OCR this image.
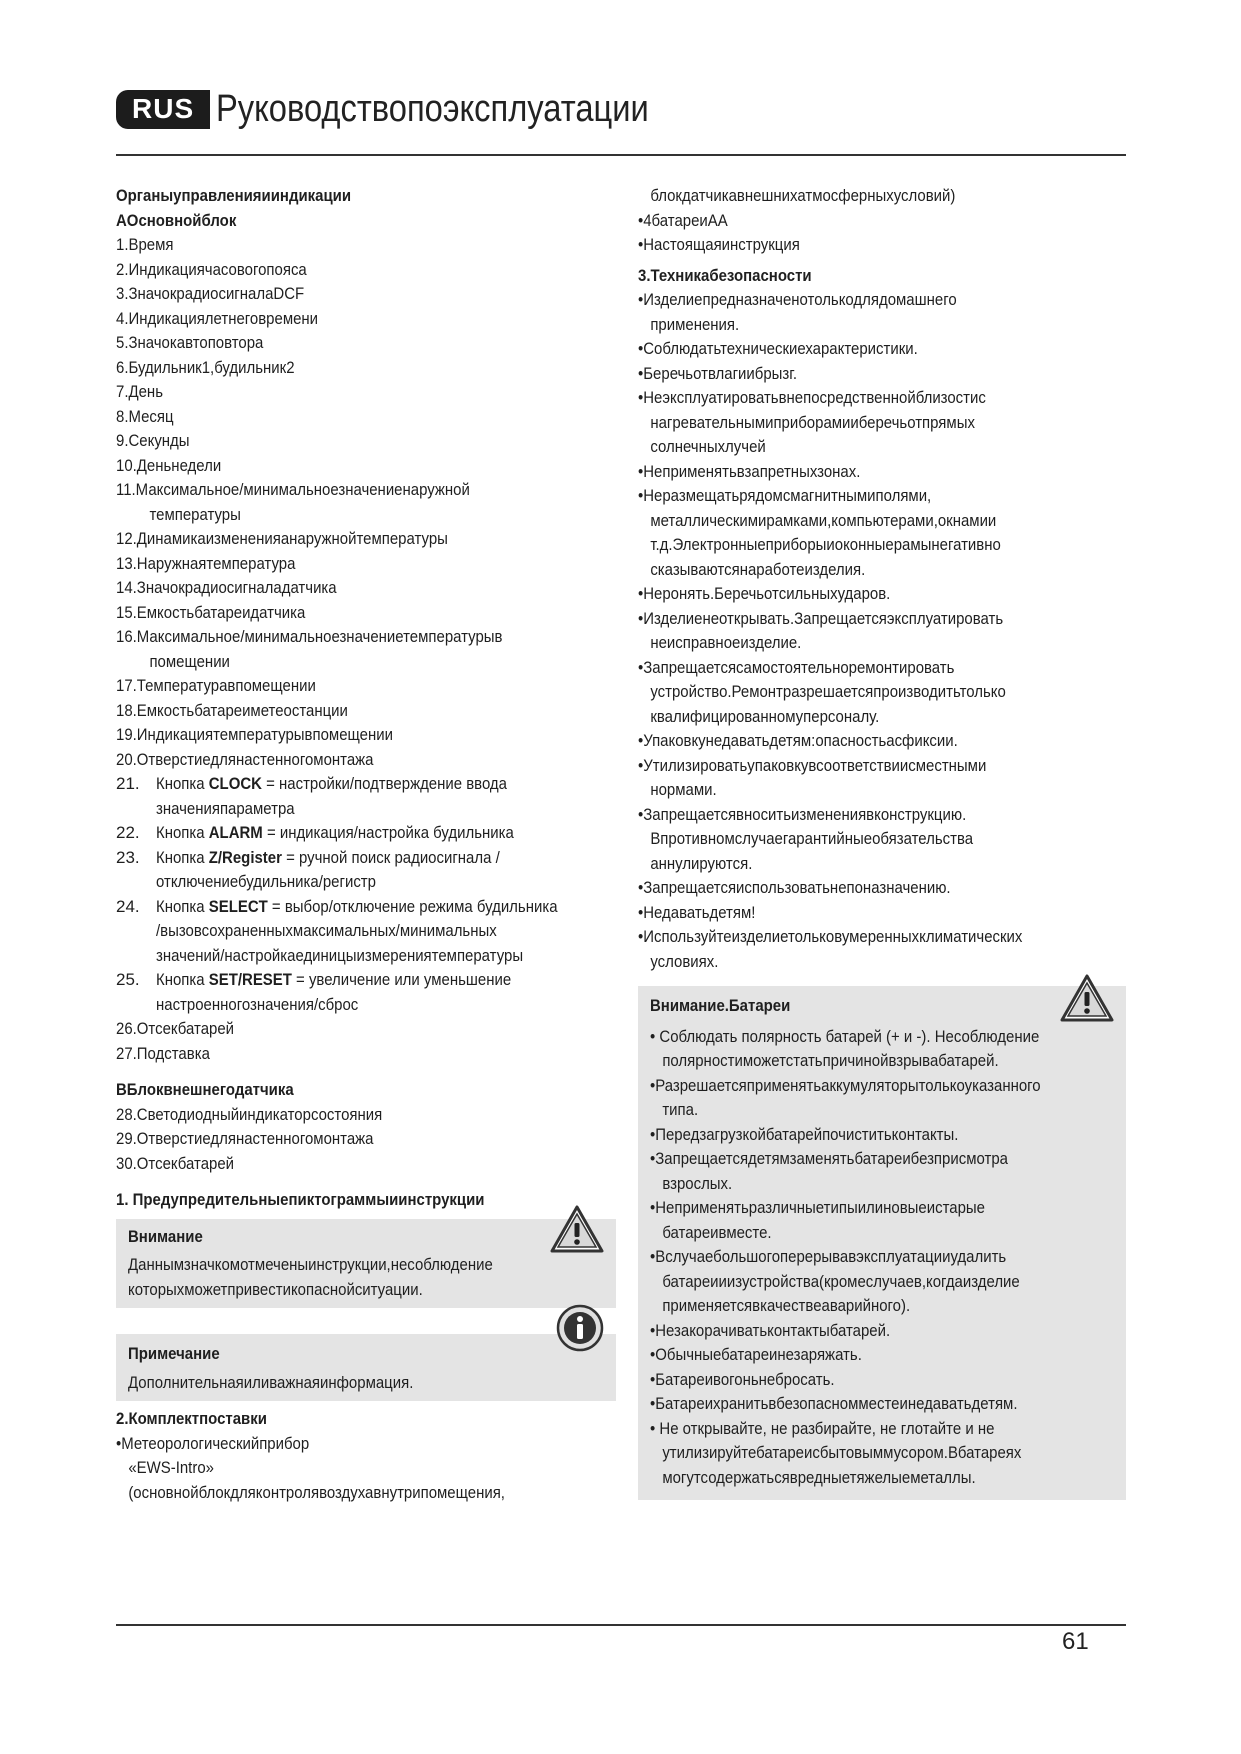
RUS Руководствопоэксплуатации
Органыуправленияииндикации
AОсновнойблок
1.Время
2.Индикациячасовогопояса
3.ЗначокрадиосигналаDCF
4.Индикациялетнеговремени
5.Значокавтоповтора
6.Будильник1,будильник2
7.День
8.Месяц
9.Секунды
10.Деньнедели
11.Максимальное/минимальноезначениенаружной
температуры
12.Динамикаизмененияанаружнойтемпературы
13.Наружнаятемпература
14.Значокрадиосигналадатчика
15.Емкостьбатареидатчика
16.Максимальное/минимальноезначениетемпературыв
помещении
17.Температуравпомещении
18.Емкостьбатареиметеостанции
19.Индикациятемпературывпомещении
20.Отверстиедлянастенногомонтажа
21. Кнопка CLOCK = настройки/подтверждение ввода
значенияпараметра
22. Кнопка ALARM = индикация/настройка будильника
23. Кнопка Z/Register = ручной поиск радиосигнала /
отключениебудильника/регистр
24. Кнопка SELECT = выбор/отключение режима будильника
/вызовсохраненныхмаксимальных/минимальных
значений/настройкаединицыизмерениятемпературы
25. Кнопка SET/RESET = увеличение или уменьшение
настроенногозначения/сброс
26.Отсекбатарей
27.Подставка
BБлоквнешнегодатчика
28.Светодиодныйиндикаторсостояния
29.Отверстиедлянастенногомонтажа
30.Отсекбатарей
1. Предупредительныепиктограммыиинструкции
Внимание
Даннымзначкомотмеченыинструкции,несоблюдение
которыхможетпривестикопаснойситуации.
Примечание
Дополнительнаяиливажнаяинформация.
2.Комплектпоставки
•Метеорологическийприбор
«EWS-Intro»
(основнойблокдляконтролявоздухавнутрипомещения,
блокдатчикавнешнихатмосферныхусловий)
•4батареиAA
•Настоящаяинструкция
3.Техникабезопасности
•Изделиепредназначенотолькодлядомашнего
применения.
•Соблюдатьтехническиехарактеристики.
•Беречьотвлагиибрызг.
•Неэксплуатироватьвнепосредственнойблизостис
нагревательнымиприборамииберечьотпрямых
солнечныхлучей
•Неприменятьвзапретныхзонах.
•Неразмещатьрядомсмагнитнымиполями,
металлическимирамками,компьютерами,окнамии
т.д.Электронныеприборыиоконныерамынегативно
сказываютсянаработеизделия.
•Неронять.Беречьотсильныхударов.
•Изделиенеоткрывать.Запрещаетсяэксплуатировать
неисправноеизделие.
•Запрещаетсясамостоятельноремонтировать
устройство.Ремонтразрешаетсяпроизводитьтолько
квалифицированномуперсоналу.
•Упаковкунедаватьдетям:опасностьасфиксии.
•Утилизироватьупаковкувсоответствиисместными
нормами.
•Запрещаетсявноситьизменениявконструкцию.
Впротивномслучаегарантийныеобязательства
аннулируются.
•Запрещаетсяиспользоватьнепоназначению.
•Недаватьдетям!
•Используйтеизделиетольковумеренныхклиматических
условиях.
Внимание.Батареи
• Соблюдать полярность батарей (+ и -). Несоблюдение
полярностиможетстатьпричинойвзрывабатарей.
•Разрешаетсяприменятьаккумуляторытолькоуказанного
типа.
•Передзагрузкойбатарейпочиститьконтакты.
•Запрещаетсядетямзаменятьбатареибезприсмотра
взрослых.
•Неприменятьразличныетипыилиновыеистарые
батареивместе.
•Вслучаебольшогоперерывавэксплуатацииудалить
батареииизустройства(кромеслучаев,когдаизделие
применяетсявкачествеаварийного).
•Незакорачиватьконтактыбатарей.
•Обычныебатареинезаряжать.
•Батареивогоньнебросать.
•Батареихранитьвбезопасномместеинедаватьдетям.
• Не открывайте, не разбирайте, не глотайте и не
утилизируйтебатареисбытовыммусором.Вбатареях
могутсодержатьсявредныетяжелыеметаллы.
61
